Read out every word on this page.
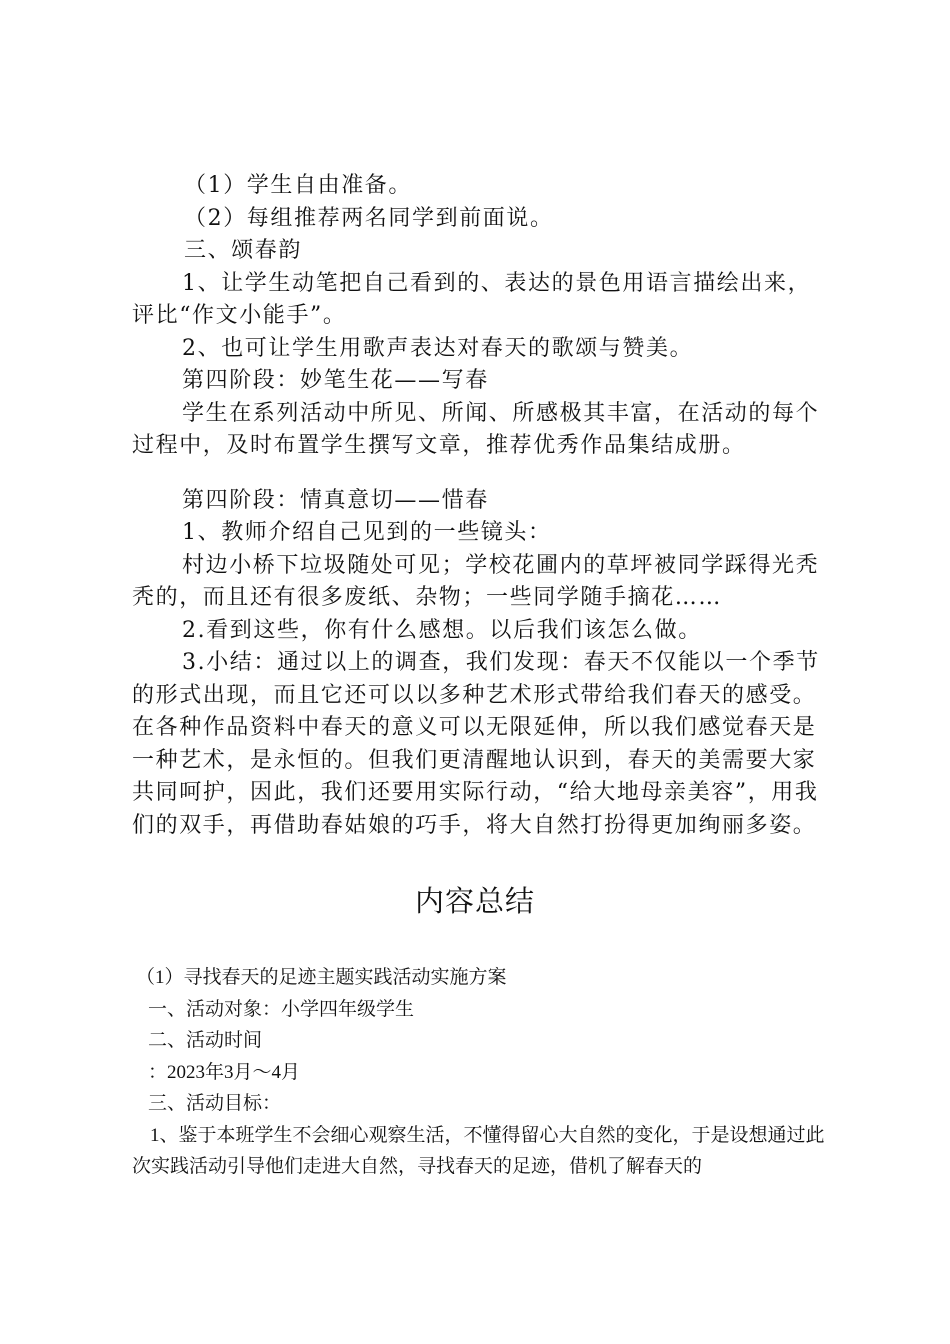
（1）学生自由准备。

（2）每组推荐两名同学到前面说。

三、颂春韵

1、让学生动笔把自己看到的、表达的景色用语言描绘出来，评比“作文小能手”。

2、也可让学生用歌声表达对春天的歌颂与赞美。

第四阶段：妙笔生花——写春

学生在系列活动中所见、所闻、所感极其丰富，在活动的每个过程中，及时布置学生撰写文章，推荐优秀作品集结成册。

第四阶段：情真意切——惜春

1、教师介绍自己见到的一些镜头：

村边小桥下垃圾随处可见；学校花圃内的草坪被同学踩得光秃秃的，而且还有很多废纸、杂物；一些同学随手摘花……

2.看到这些，你有什么感想。以后我们该怎么做。

3.小结：通过以上的调查，我们发现：春天不仅能以一个季节的形式出现，而且它还可以以多种艺术形式带给我们春天的感受。在各种作品资料中春天的意义可以无限延伸，所以我们感觉春天是一种艺术，是永恒的。但我们更清醒地认识到，春天的美需要大家共同呵护，因此，我们还要用实际行动，“给大地母亲美容”，用我们的双手，再借助春姑娘的巧手，将大自然打扮得更加绚丽多姿。

内容总结

（1）寻找春天的足迹主题实践活动实施方案

一、活动对象：小学四年级学生

二、活动时间

：2023年3月～4月

三、活动目标：

1、鉴于本班学生不会细心观察生活，不懂得留心大自然的变化，于是设想通过此次实践活动引导他们走进大自然，寻找春天的足迹，借机了解春天的
